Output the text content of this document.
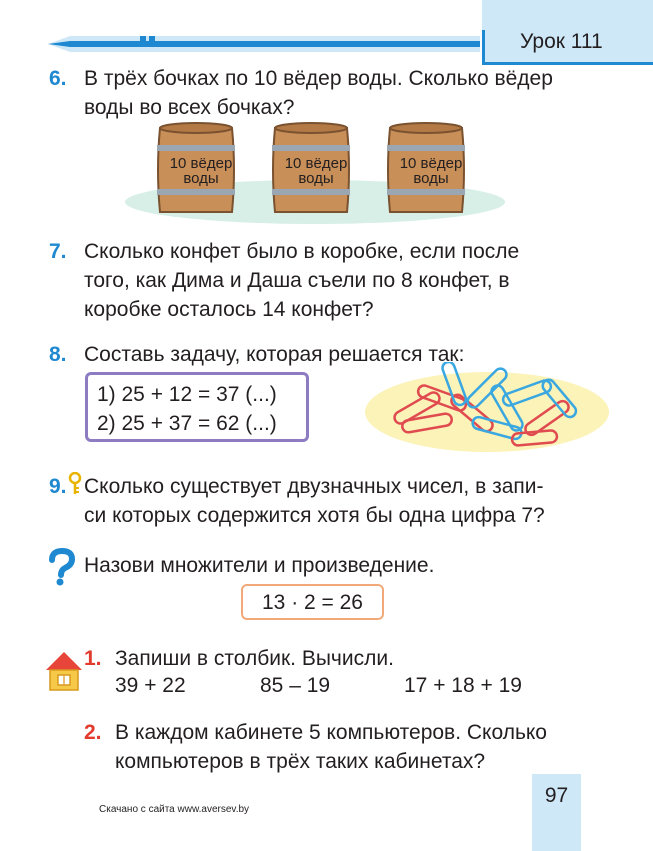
Урок 111
6. В трёх бочках по 10 вёдер воды. Сколько вёдер
воды во всех бочках?
10 вёдер
воды
10 вёдер
воды
10 вёдер
воды
7. Сколько конфет было в коробке, если после
того, как Дима и Даша съели по 8 конфет, в
коробке осталось 14 конфет?
8. Составь задачу, которая решается так:
1) 25 + 12 = 37 (...)
2) 25 + 37 = 62 (...)
9. Сколько существует двузначных чисел, в запи-
си которых содержится хотя бы одна цифра 7?
Назови множители и произведение.
13 · 2 = 26
1. Запиши в столбик. Вычисли.
39 + 22	85 – 19	17 + 18 + 19
2. В каждом кабинете 5 компьютеров. Сколько
компьютеров в трёх таких кабинетах?
Скачано с сайта www.aversev.by
97
